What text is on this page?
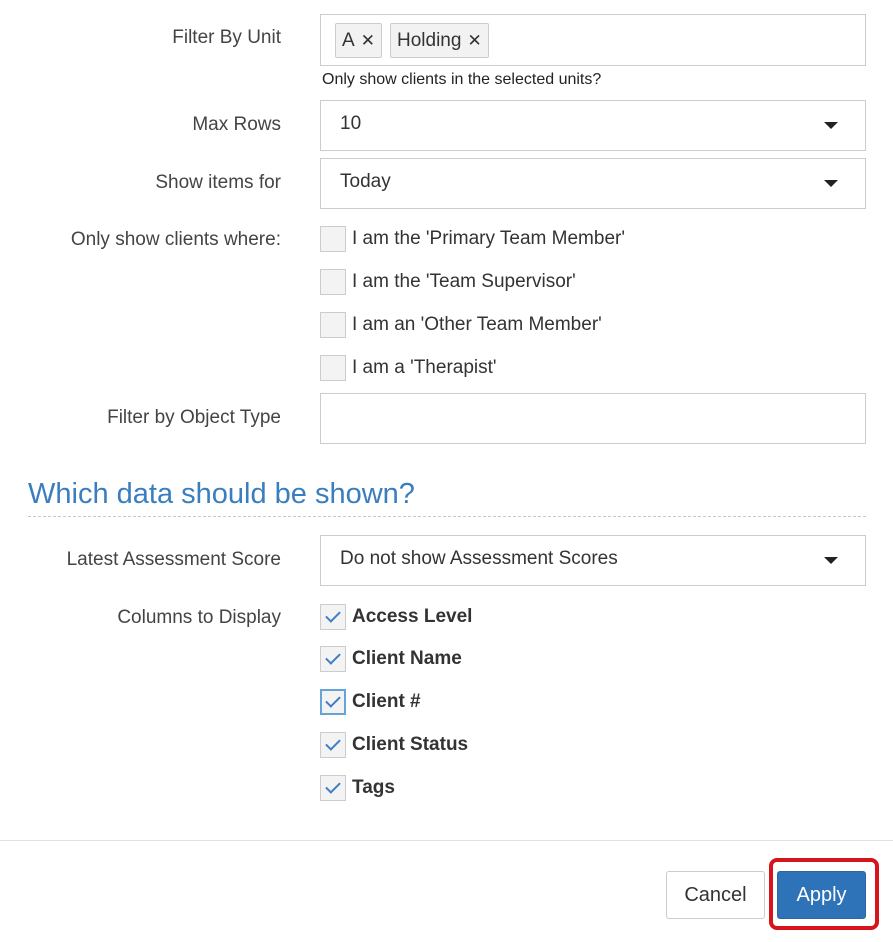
Filter By Unit	A ✕ Holding ✕
Only show clients in the selected units?
Max Rows	10
Show items for	Today
Only show clients where:	I am the 'Primary Team Member'
I am the 'Team Supervisor'
I am an 'Other Team Member'
I am a 'Therapist'
Filter by Object Type
Which data should be shown?
Latest Assessment Score	Do not show Assessment Scores
Columns to Display	Access Level
Client Name
Client #
Client Status
Tags
Cancel	Apply
